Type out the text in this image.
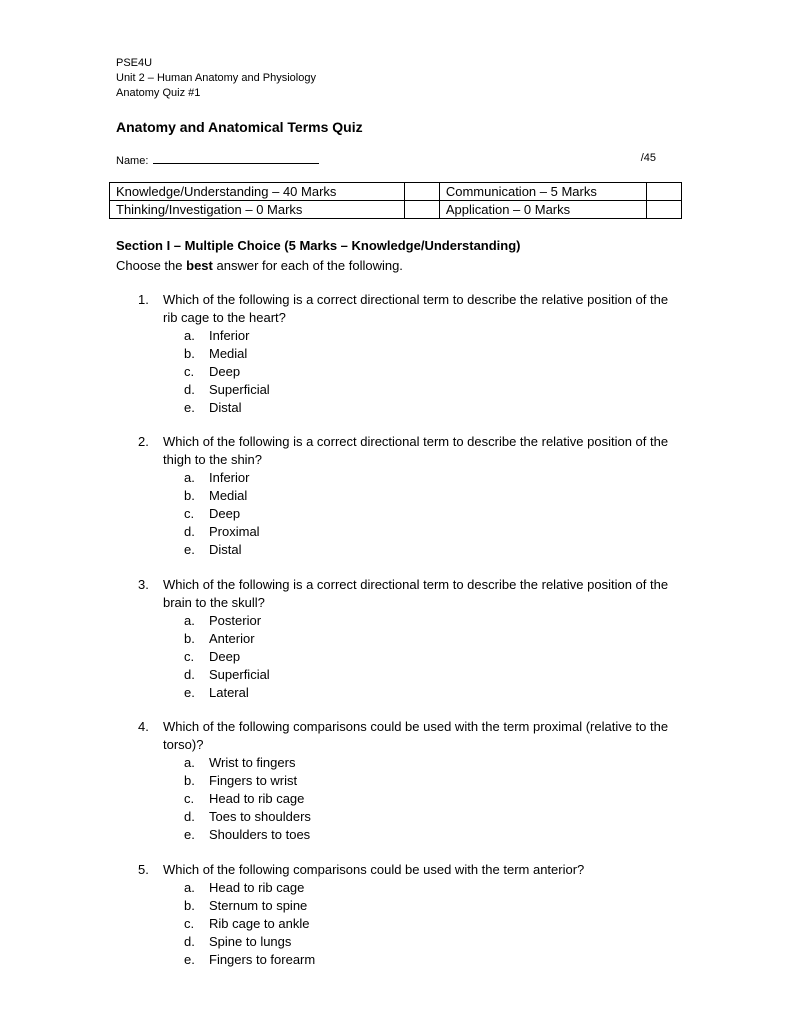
PSE4U
Unit 2 – Human Anatomy and Physiology
Anatomy Quiz #1
Anatomy and Anatomical Terms Quiz
Name:	/45
Knowledge/Understanding – 40 Marks		Communication – 5 Marks	
Thinking/Investigation – 0 Marks		Application – 0 Marks	
Section I – Multiple Choice (5 Marks – Knowledge/Understanding)
Choose the best answer for each of the following.
1.	Which of the following is a correct directional term to describe the relative position of the rib cage to the heart?
a.	Inferior
b.	Medial
c.	Deep
d.	Superficial
e.	Distal
2.	Which of the following is a correct directional term to describe the relative position of the thigh to the shin?
a.	Inferior
b.	Medial
c.	Deep
d.	Proximal
e.	Distal
3.	Which of the following is a correct directional term to describe the relative position of the brain to the skull?
a.	Posterior
b.	Anterior
c.	Deep
d.	Superficial
e.	Lateral
4.	Which of the following comparisons could be used with the term proximal (relative to the torso)?
a.	Wrist to fingers
b.	Fingers to wrist
c.	Head to rib cage
d.	Toes to shoulders
e.	Shoulders to toes
5.	Which of the following comparisons could be used with the term anterior?
a.	Head to rib cage
b.	Sternum to spine
c.	Rib cage to ankle
d.	Spine to lungs
e.	Fingers to forearm
